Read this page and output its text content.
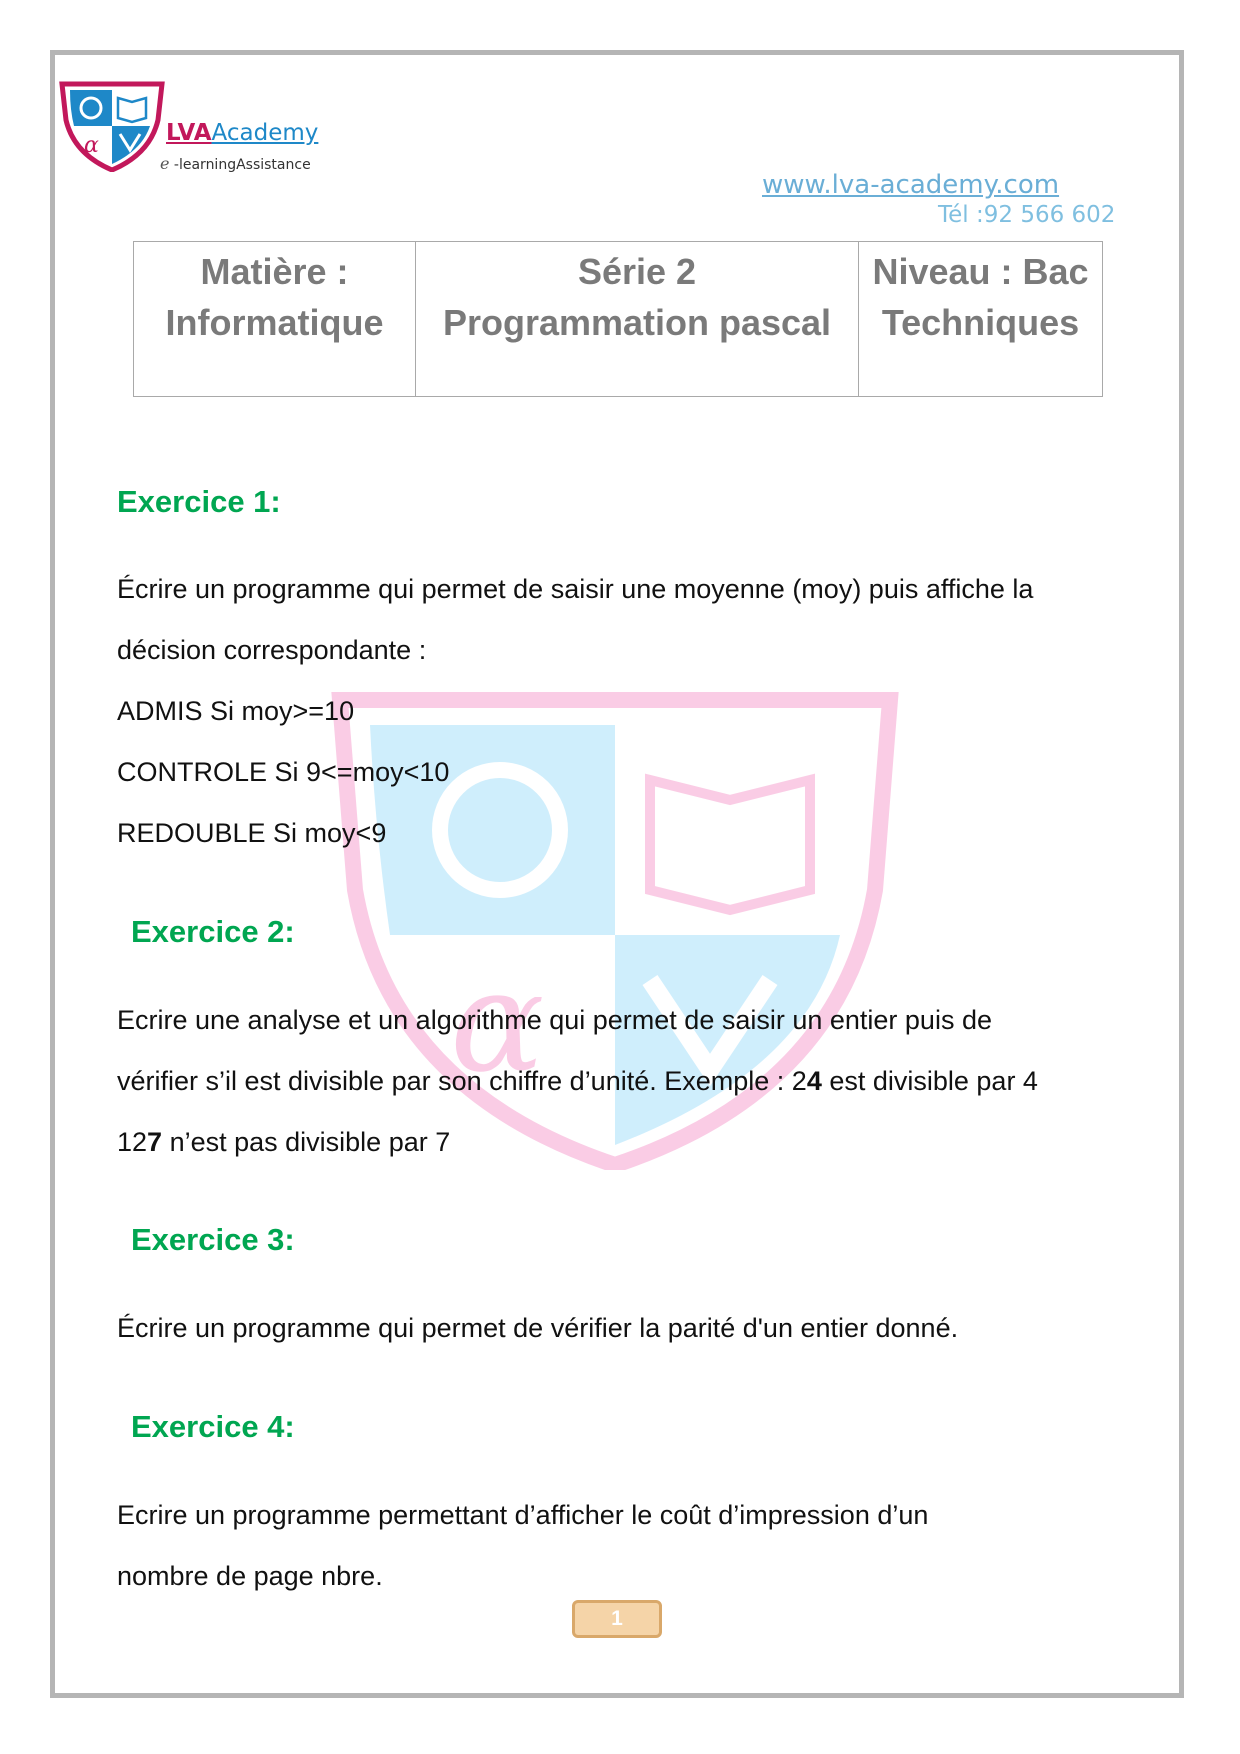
α	LVAAcademy
e -learningAssistance
www.lva-academy.com
Tél :92 566 602
Matière :
Informatique

Série 2
Programmation pascal

Niveau : Bac
Techniques
α
Exercice 1:
Écrire un programme qui permet de saisir une moyenne (moy) puis affiche la
décision correspondante :
ADMIS Si moy>=10
CONTROLE Si 9<=moy<10
REDOUBLE Si moy<9
Exercice 2:
Ecrire une analyse et un algorithme qui permet de saisir un entier puis de
vérifier s’il est divisible par son chiffre d’unité. Exemple : 24 est divisible par 4
127 n’est pas divisible par 7
Exercice 3:
Écrire un programme qui permet de vérifier la parité d'un entier donné.
Exercice 4:
Ecrire un programme permettant d’afficher le coût d’impression d’un
nombre de page nbre.
1
